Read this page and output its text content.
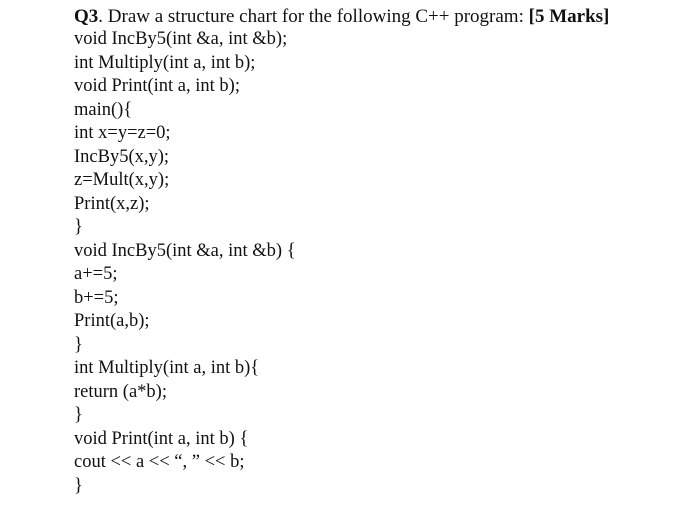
Q3. Draw a structure chart for the following C++ program: [5 Marks]
void IncBy5(int &a, int &b);
int Multiply(int a, int b);
void Print(int a, int b);
main(){
int x=y=z=0;
IncBy5(x,y);
z=Mult(x,y);
Print(x,z);
}
void IncBy5(int &a, int &b) {
a+=5;
b+=5;
Print(a,b);
}
int Multiply(int a, int b){
return (a*b);
}
void Print(int a, int b) {
cout << a << “, ” << b;
}
